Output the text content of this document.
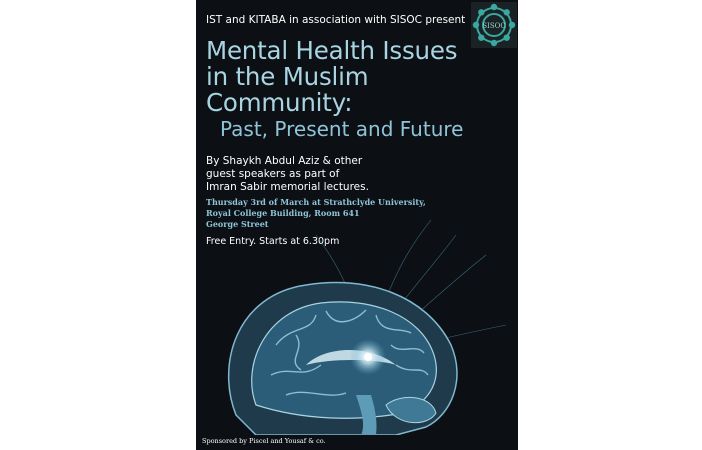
IST and KITABA in association with SISOC present SISOC
Mental Health Issues
in the Muslim
Community:
Past, Present and Future
By Shaykh Abdul Aziz & other
guest speakers as part of
Imran Sabir memorial lectures.
Thursday 3rd of March at Strathclyde University,
Royal College Building, Room 641
George Street
Free Entry. Starts at 6.30pm
Sponsored by Piscel and Yousaf & co.
